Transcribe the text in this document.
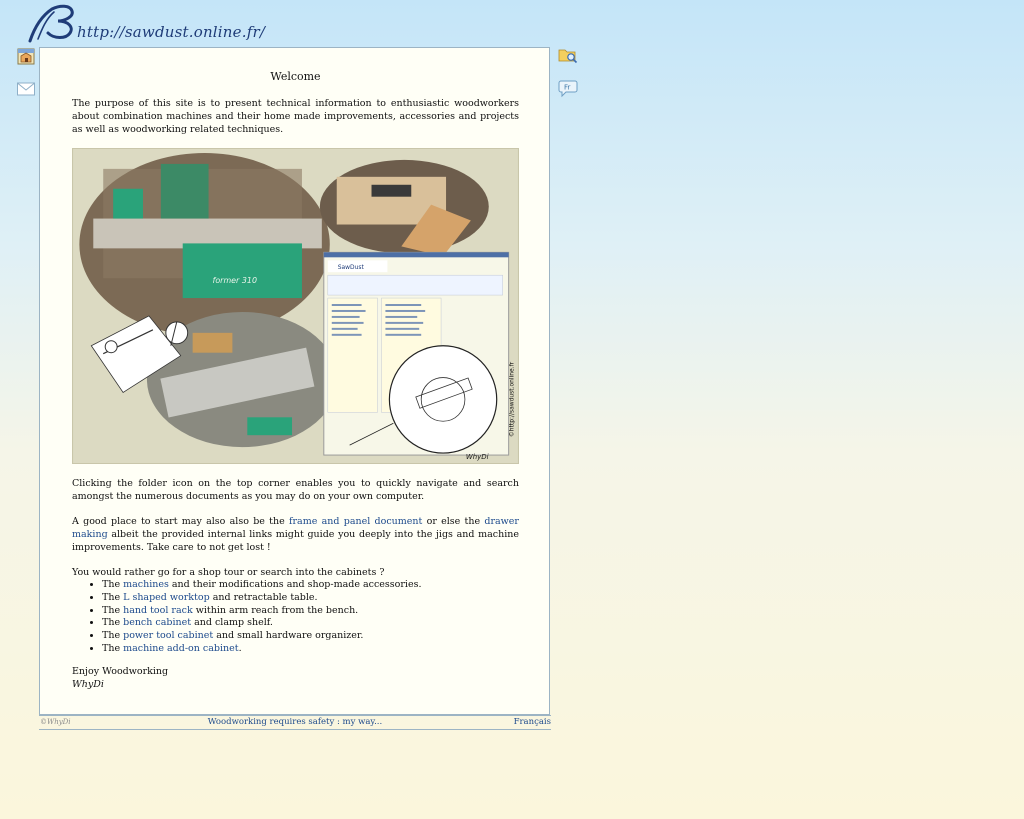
http://sawdust.online.fr/
Fr
Welcome

The purpose of this site is to present technical information to enthusiastic woodworkers about combination machines and their home made improvements, accessories and projects as well as woodworking related techniques.

former 310
SawDust
©http://sawdust.online.fr
WhyDi

Clicking the folder icon on the top corner enables you to quickly navigate and search amongst the numerous documents as you may do on your own computer.

A good place to start may also also be the frame and panel document or else the drawer making albeit the provided internal links might guide you deeply into the jigs and machine improvements. Take care to not get lost !

You would rather go for a shop tour or search into the cabinets ?
• The machines and their modifications and shop-made accessories.
• The L shaped worktop and retractable table.
• The hand tool rack within arm reach from the bench.
• The bench cabinet and clamp shelf.
• The power tool cabinet and small hardware organizer.
• The machine add-on cabinet.
Enjoy Woodworking
WhyDi
©WhyDi	Woodworking requires safety : my way...	Français
